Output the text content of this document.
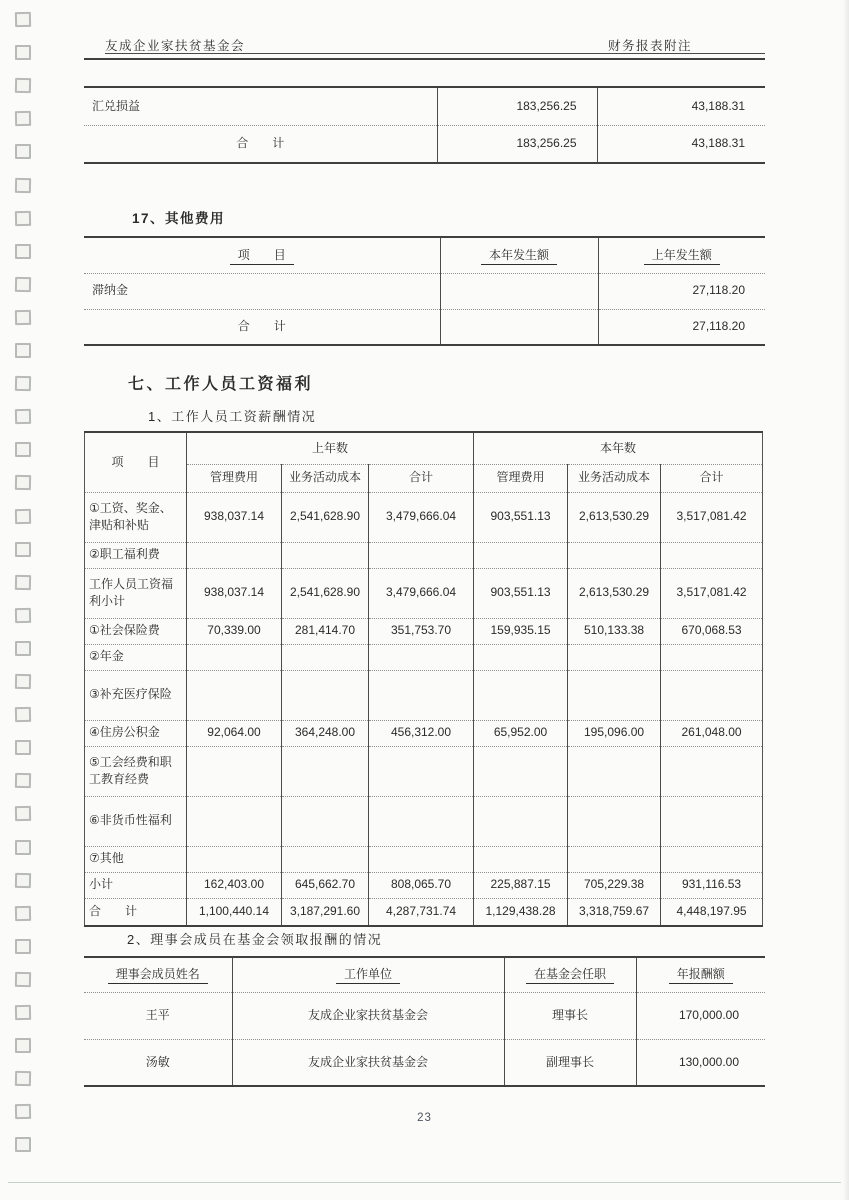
友成企业家扶贫基金会	财务报表附注
汇兑损益	183,256.25	43,188.31
合　　计	183,256.25	43,188.31
17、其他费用
项　　目	本年发生额	上年发生额
滞纳金		27,118.20
合　　计		27,118.20
七、工作人员工资福利
1、工作人员工资薪酬情况
项　　目	上年数			本年数		
	管理费用	业务活动成本	合计	管理费用	业务活动成本	合计
①工资、奖金、津贴和补贴	938,037.14	2,541,628.90	3,479,666.04	903,551.13	2,613,530.29	3,517,081.42
②职工福利费						
工作人员工资福利小计	938,037.14	2,541,628.90	3,479,666.04	903,551.13	2,613,530.29	3,517,081.42
①社会保险费	70,339.00	281,414.70	351,753.70	159,935.15	510,133.38	670,068.53
②年金						
③补充医疗保险						
④住房公积金	92,064.00	364,248.00	456,312.00	65,952.00	195,096.00	261,048.00
⑤工会经费和职工教育经费						
⑥非货币性福利						
⑦其他						
小计	162,403.00	645,662.70	808,065.70	225,887.15	705,229.38	931,116.53
合　　计	1,100,440.14	3,187,291.60	4,287,731.74	1,129,438.28	3,318,759.67	4,448,197.95
2、理事会成员在基金会领取报酬的情况
理事会成员姓名	工作单位	在基金会任职	年报酬额
王平	友成企业家扶贫基金会	理事长	170,000.00
汤敏	友成企业家扶贫基金会	副理事长	130,000.00
23
